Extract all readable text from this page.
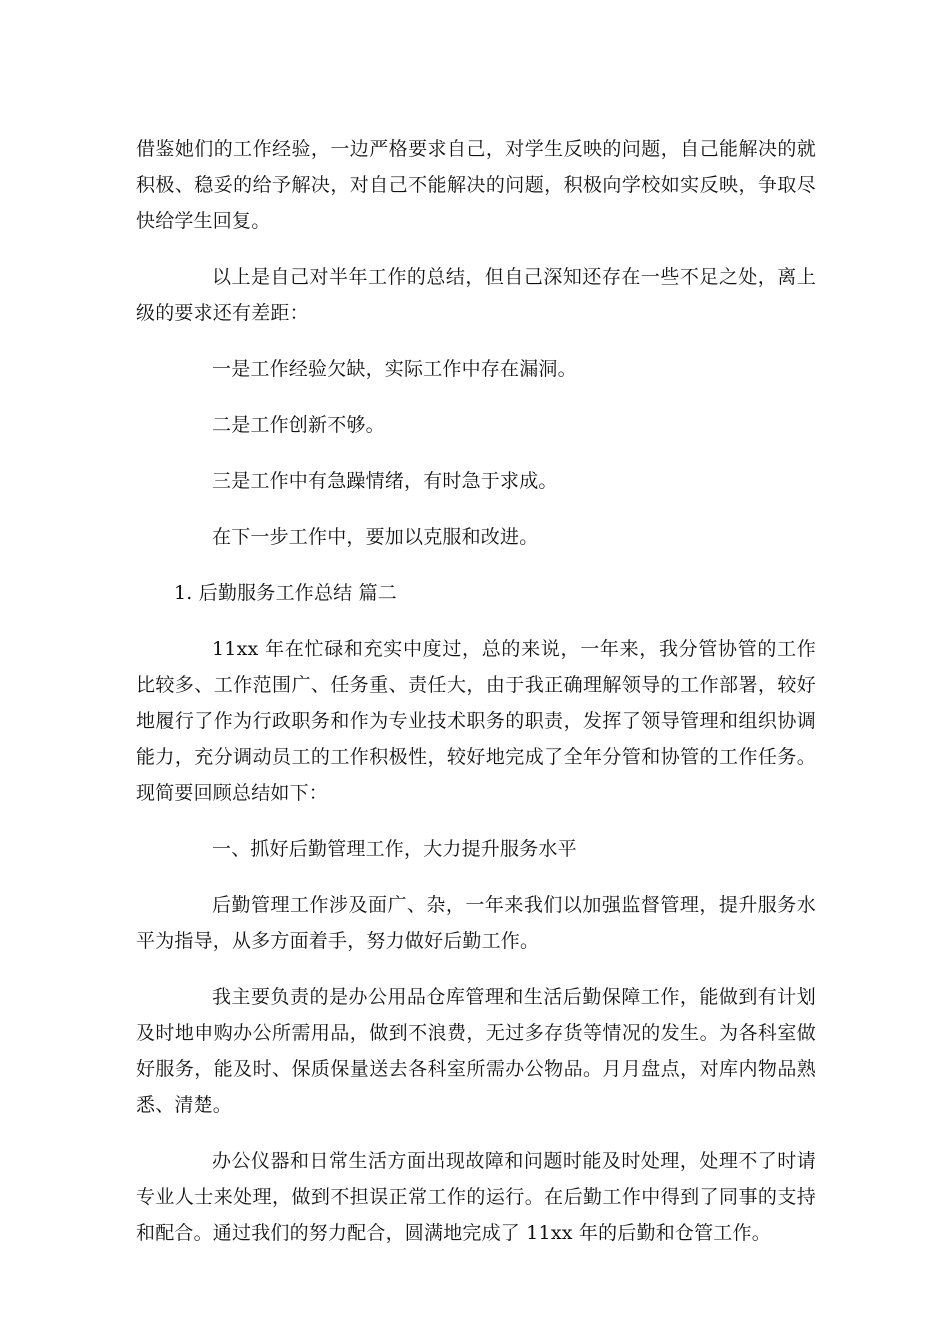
借鉴她们的工作经验，一边严格要求自己，对学生反映的问题，自己能解决的就积极、稳妥的给予解决，对自己不能解决的问题，积极向学校如实反映，争取尽快给学生回复。

以上是自己对半年工作的总结，但自己深知还存在一些不足之处，离上级的要求还有差距：

一是工作经验欠缺，实际工作中存在漏洞。

二是工作创新不够。

三是工作中有急躁情绪，有时急于求成。

在下一步工作中，要加以克服和改进。

1. 后勤服务工作总结 篇二

11xx 年在忙碌和充实中度过，总的来说，一年来，我分管协管的工作比较多、工作范围广、任务重、责任大，由于我正确理解领导的工作部署，较好地履行了作为行政职务和作为专业技术职务的职责，发挥了领导管理和组织协调能力，充分调动员工的工作积极性，较好地完成了全年分管和协管的工作任务。现简要回顾总结如下：

一、抓好后勤管理工作，大力提升服务水平

后勤管理工作涉及面广、杂，一年来我们以加强监督管理，提升服务水平为指导，从多方面着手，努力做好后勤工作。

我主要负责的是办公用品仓库管理和生活后勤保障工作，能做到有计划及时地申购办公所需用品，做到不浪费，无过多存货等情况的发生。为各科室做好服务，能及时、保质保量送去各科室所需办公物品。月月盘点，对库内物品熟悉、清楚。

办公仪器和日常生活方面出现故障和问题时能及时处理，处理不了时请专业人士来处理，做到不担误正常工作的运行。在后勤工作中得到了同事的支持和配合。通过我们的努力配合，圆满地完成了 11xx 年的后勤和仓管工作。
